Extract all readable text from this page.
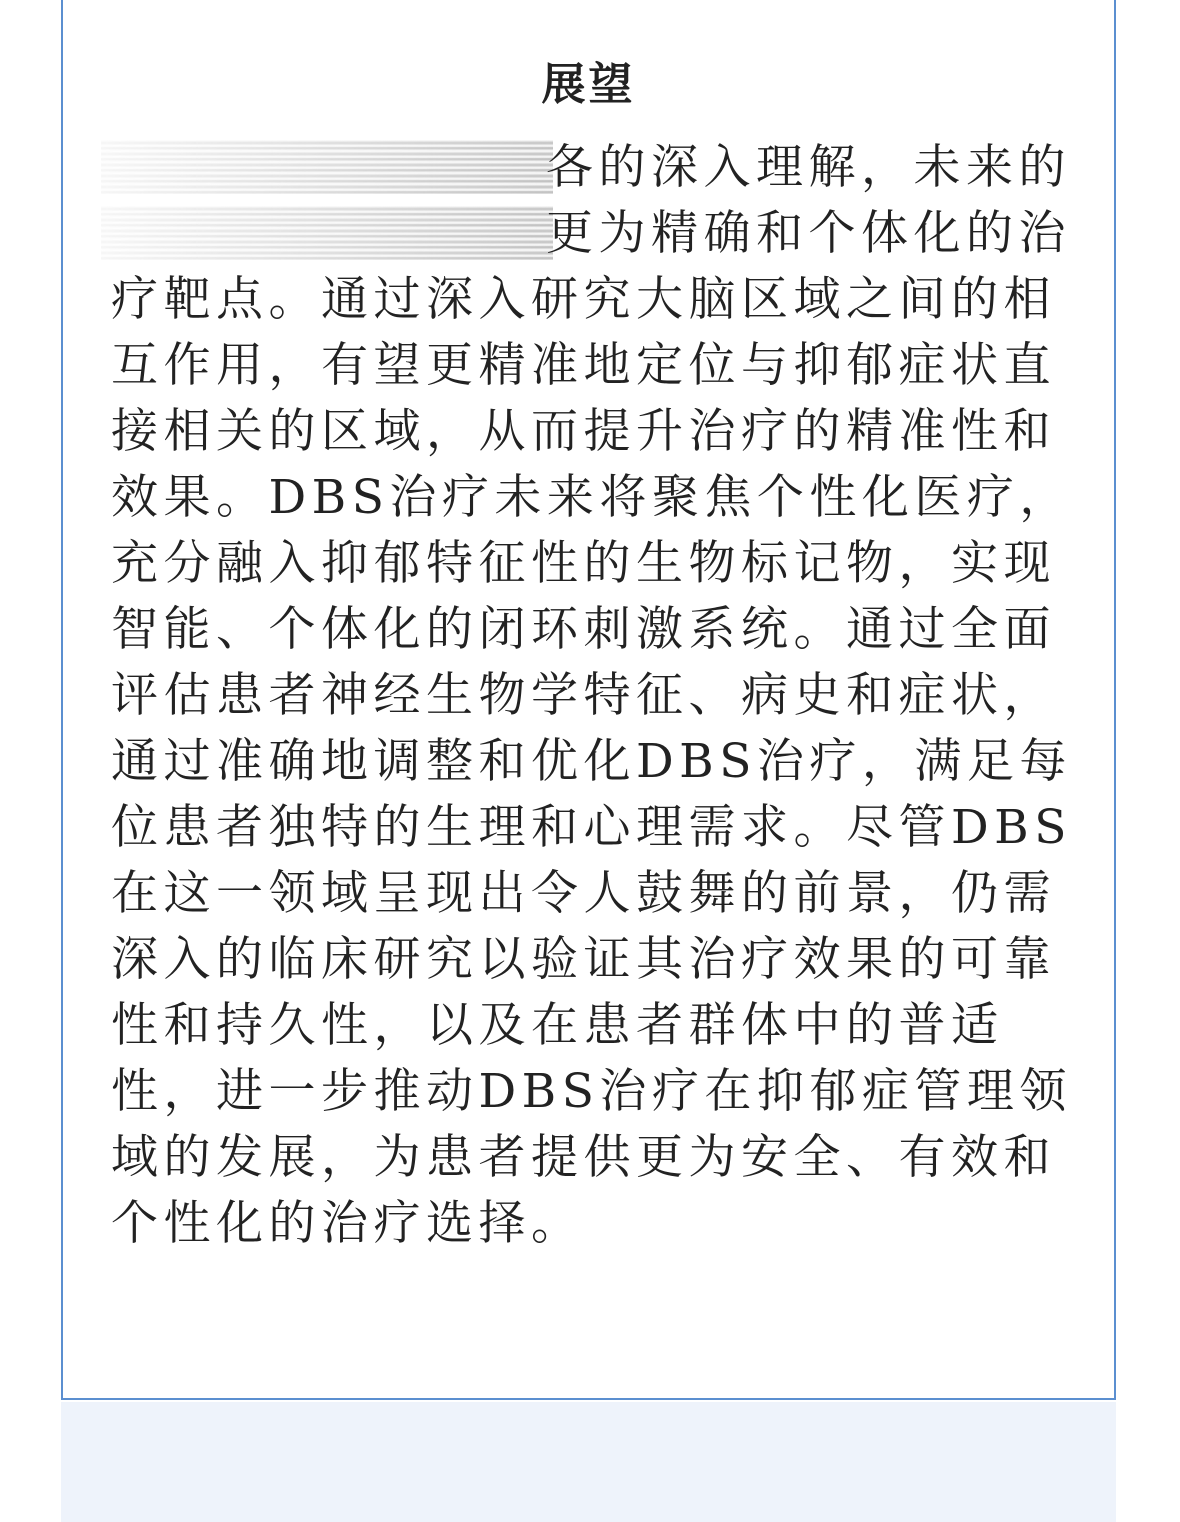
展望
各的深入理解，未来的
更为精确和个体化的治
疗靶点。通过深入研究大脑区域之间的相
互作用，有望更精准地定位与抑郁症状直
接相关的区域，从而提升治疗的精准性和
效果。DBS治疗未来将聚焦个性化医疗，
充分融入抑郁特征性的生物标记物，实现
智能、个体化的闭环刺激系统。通过全面
评估患者神经生物学特征、病史和症状，
通过准确地调整和优化DBS治疗，满足每
位患者独特的生理和心理需求。尽管DBS
在这一领域呈现出令人鼓舞的前景，仍需
深入的临床研究以验证其治疗效果的可靠
性和持久性，以及在患者群体中的普适
性，进一步推动DBS治疗在抑郁症管理领
域的发展，为患者提供更为安全、有效和
个性化的治疗选择。
